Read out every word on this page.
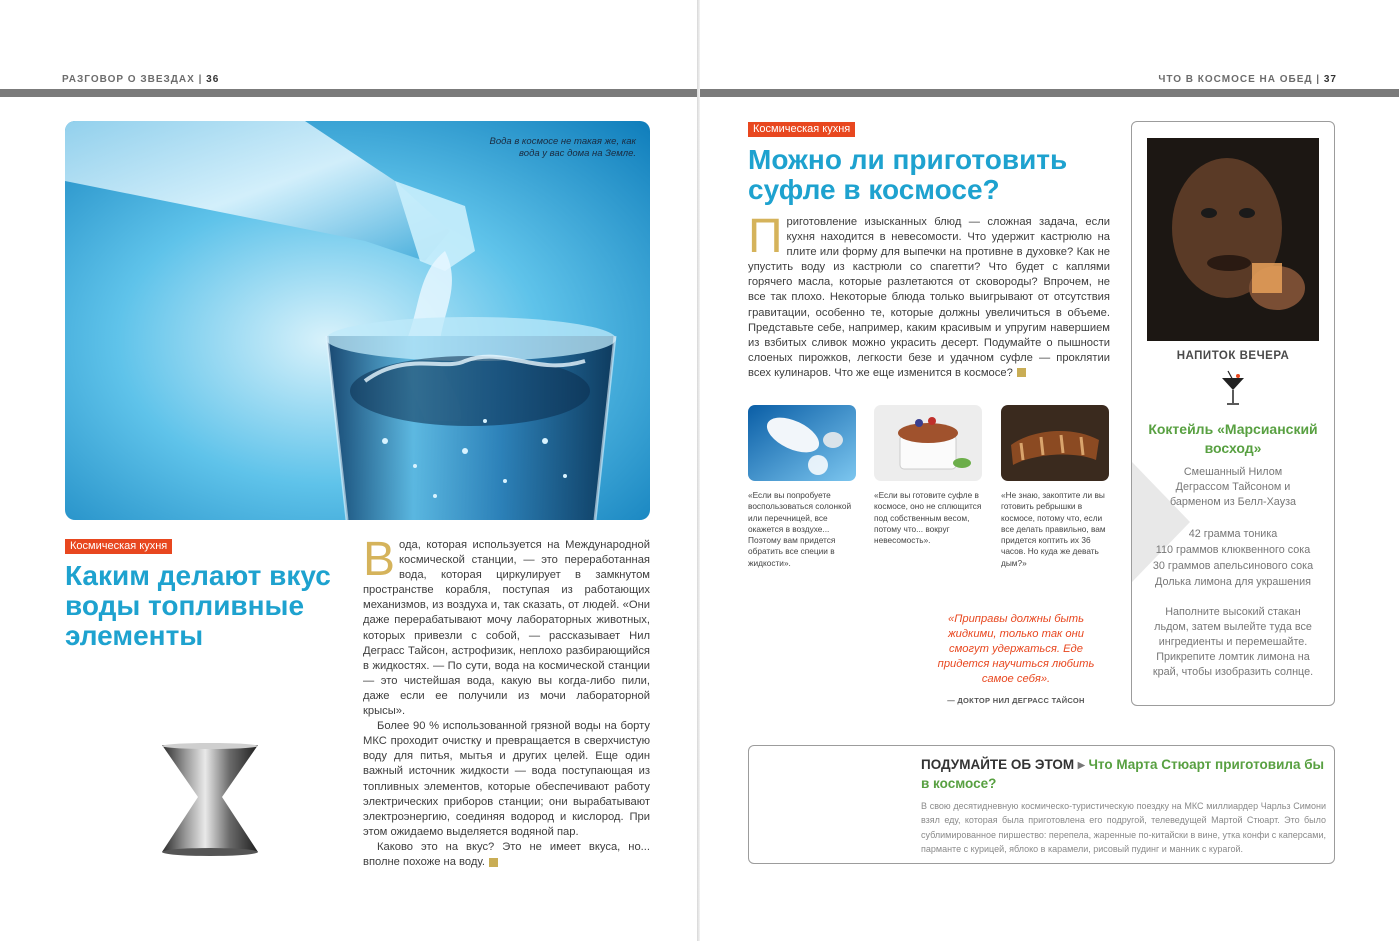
РАЗГОВОР О ЗВЕЗДАХ | 36
Вода в космосе не такая же, как вода у вас дома на Земле.
Космическая кухня
Каким делают вкус воды топливные элементы

Вода, которая используется на Международной космической станции, — это переработанная вода, которая циркулирует в замкнутом пространстве корабля, поступая из работающих механизмов, из воздуха и, так сказать, от людей. «Они даже перерабатывают мочу лабораторных животных, которых привезли с собой, — рассказывает Нил Деграсс Тайсон, астрофизик, неплохо разбирающийся в жидкостях. — По сути, вода на космической станции — это чистейшая вода, какую вы когда-либо пили, даже если ее получили из мочи лабораторной крысы».

Более 90 % использованной грязной воды на борту МКС проходит очистку и превращается в сверхчистую воду для питья, мытья и других целей. Еще один важный источник жидкости — вода поступающая из топливных элементов, которые обеспечивают работу электрических приборов станции; они вырабатывают электроэнергию, соединяя водород и кислород. При этом ожидаемо выделяется водяной пар.

Каково это на вкус? Это не имеет вкуса, но... вполне похоже на воду.

ЧТО В КОСМОСЕ НА ОБЕД | 37
Космическая кухня
Можно ли приготовить суфле в космосе?

Приготовление изысканных блюд — сложная задача, если кухня находится в невесомости. Что удержит кастрюлю на плите или форму для выпечки на противне в духовке? Как не упустить воду из кастрюли со спагетти? Что будет с каплями горячего масла, которые разлетаются от сковороды? Впрочем, не все так плохо. Некоторые блюда только выигрывают от отсутствия гравитации, особенно те, которые должны увеличиться в объеме. Представьте себе, например, каким красивым и упругим навершием из взбитых сливок можно украсить десерт. Подумайте о пышности слоеных пирожков, легкости безе и удачном суфле — проклятии всех кулинаров. Что же еще изменится в космосе?

«Если вы попробуете воспользоваться солонкой или перечницей, все окажется в воздухе... Поэтому вам придется обратить все специи в жидкости».
«Если вы готовите суфле в космосе, оно не сплющится под собственным весом, потому что... вокруг невесомость».
«Не знаю, закоптите ли вы готовить ребрышки в космосе, потому что, если все делать правильно, вам придется коптить их 36 часов. Но куда же девать дым?»
«Приправы должны быть жидкими, только так они смогут удержаться. Еде придется научиться любить самое себя».
— ДОКТОР НИЛ ДЕГРАСС ТАЙСОН
НАПИТОК ВЕЧЕРА
Коктейль «Марсианский восход»
Смешанный Нилом Деграссом Тайсоном и барменом из Белл-Хауза
42 грамма тоника
110 граммов клюквенного сока
30 граммов апельсинового сока
Долька лимона для украшения
Наполните высокий стакан льдом, затем вылейте туда все ингредиенты и перемешайте. Прикрепите ломтик лимона на край, чтобы изобразить солнце.
ПОДУМАЙТЕ ОБ ЭТОМ ▸ Что Марта Стюарт приготовила бы в космосе?
В свою десятидневную космическо-туристическую поездку на МКС миллиардер Чарльз Симони взял еду, которая была приготовлена его подругой, телеведущей Мартой Стюарт. Это было сублимированное пиршество: перепела, жаренные по-китайски в вине, утка конфи с каперсами, парманте с курицей, яблоко в карамели, рисовый пудинг и манник с курагой.
